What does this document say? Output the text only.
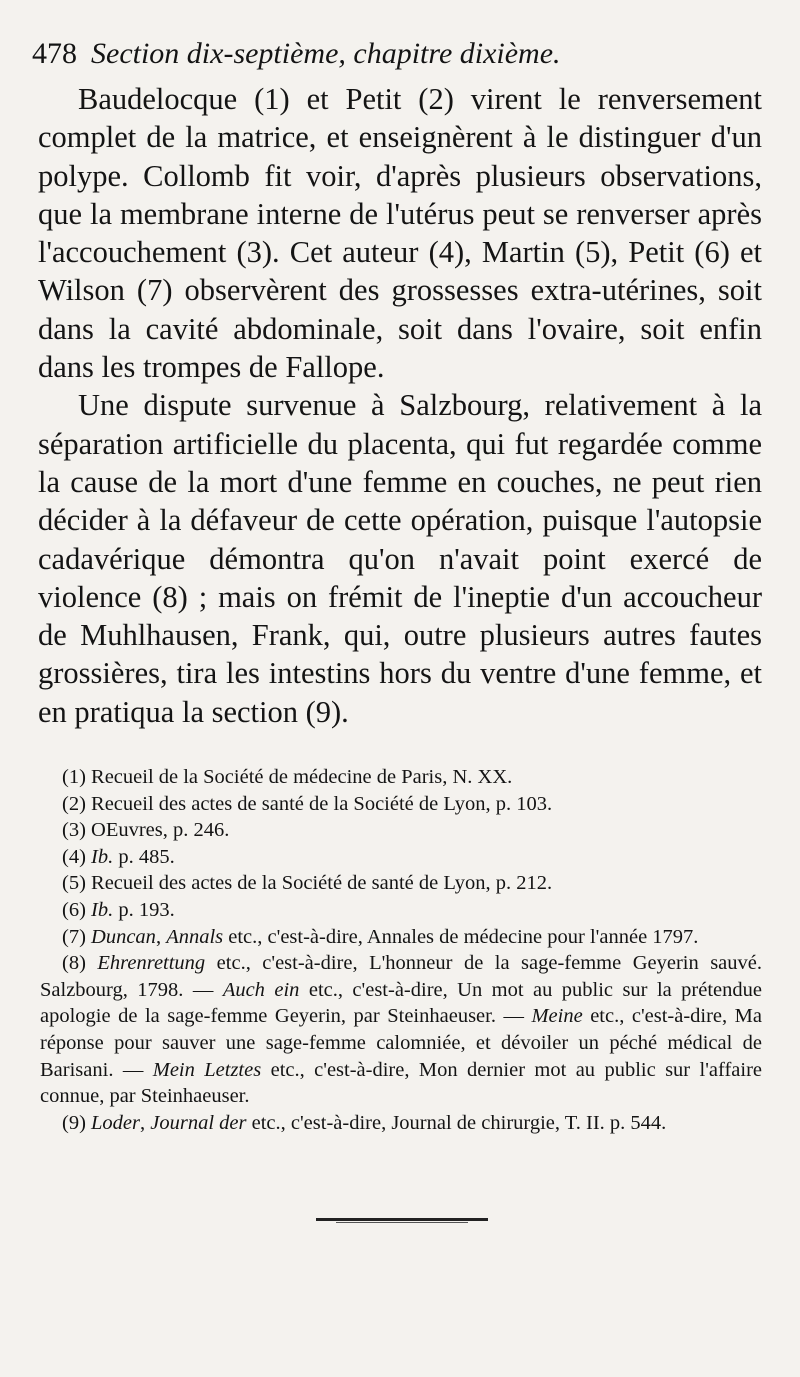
478 Section dix-septième, chapitre dixième.

Baudelocque (1) et Petit (2) virent le renversement complet de la matrice, et enseignèrent à le distinguer d'un polype. Collomb fit voir, d'après plusieurs observations, que la membrane interne de l'utérus peut se renverser après l'accouchement (3). Cet auteur (4), Martin (5), Petit (6) et Wilson (7) observèrent des grossesses extra-utérines, soit dans la cavité abdominale, soit dans l'ovaire, soit enfin dans les trompes de Fallope.

Une dispute survenue à Salzbourg, relativement à la séparation artificielle du placenta, qui fut regardée comme la cause de la mort d'une femme en couches, ne peut rien décider à la défaveur de cette opération, puisque l'autopsie cadavérique démontra qu'on n'avait point exercé de violence (8) ; mais on frémit de l'ineptie d'un accoucheur de Muhlhausen, Frank, qui, outre plusieurs autres fautes grossières, tira les intestins hors du ventre d'une femme, et en pratiqua la section (9).

(1) Recueil de la Société de médecine de Paris, N. XX.

(2) Recueil des actes de santé de la Société de Lyon, p. 103.

(3) OEuvres, p. 246.

(4) Ib. p. 485.

(5) Recueil des actes de la Société de santé de Lyon, p. 212.

(6) Ib. p. 193.

(7) Duncan, Annals etc., c'est-à-dire, Annales de médecine pour l'année 1797.

(8) Ehrenrettung etc., c'est-à-dire, L'honneur de la sage-femme Geyerin sauvé. Salzbourg, 1798. — Auch ein etc., c'est-à-dire, Un mot au public sur la prétendue apologie de la sage-femme Geyerin, par Steinhaeuser. — Meine etc., c'est-à-dire, Ma réponse pour sauver une sage-femme calomniée, et dévoiler un péché médical de Barisani. — Mein Letztes etc., c'est-à-dire, Mon dernier mot au public sur l'affaire connue, par Steinhaeuser.

(9) Loder, Journal der etc., c'est-à-dire, Journal de chirurgie, T. II. p. 544.
